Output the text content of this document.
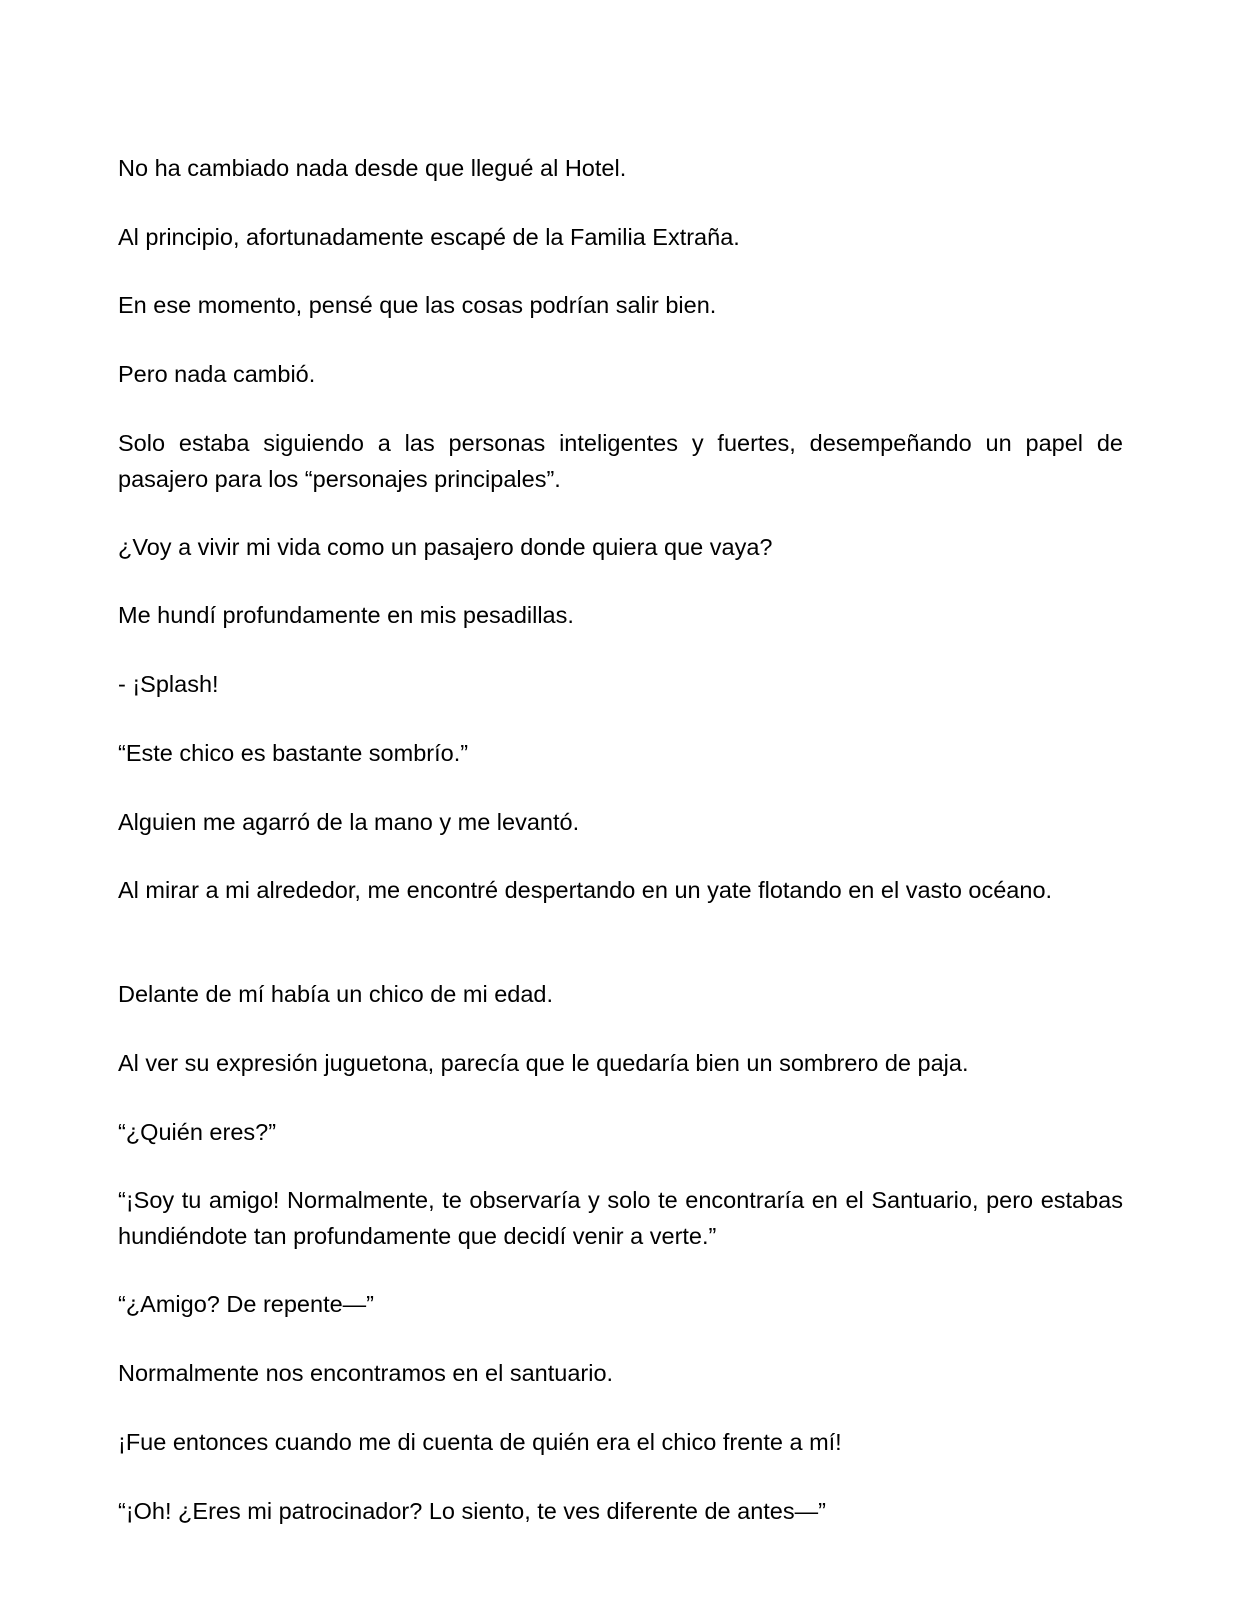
No ha cambiado nada desde que llegué al Hotel.

Al principio, afortunadamente escapé de la Familia Extraña.

En ese momento, pensé que las cosas podrían salir bien.

Pero nada cambió.

Solo estaba siguiendo a las personas inteligentes y fuertes, desempeñando un papel de pasajero para los “personajes principales”.

¿Voy a vivir mi vida como un pasajero donde quiera que vaya?

Me hundí profundamente en mis pesadillas.

- ¡Splash!

“Este chico es bastante sombrío.”

Alguien me agarró de la mano y me levantó.

Al mirar a mi alrededor, me encontré despertando en un yate flotando en el vasto océano.

Delante de mí había un chico de mi edad.

Al ver su expresión juguetona, parecía que le quedaría bien un sombrero de paja.

“¿Quién eres?”

“¡Soy tu amigo! Normalmente, te observaría y solo te encontraría en el Santuario, pero estabas hundiéndote tan profundamente que decidí venir a verte.”

“¿Amigo? De repente—”

Normalmente nos encontramos en el santuario.

¡Fue entonces cuando me di cuenta de quién era el chico frente a mí!

“¡Oh! ¿Eres mi patrocinador? Lo siento, te ves diferente de antes—”
